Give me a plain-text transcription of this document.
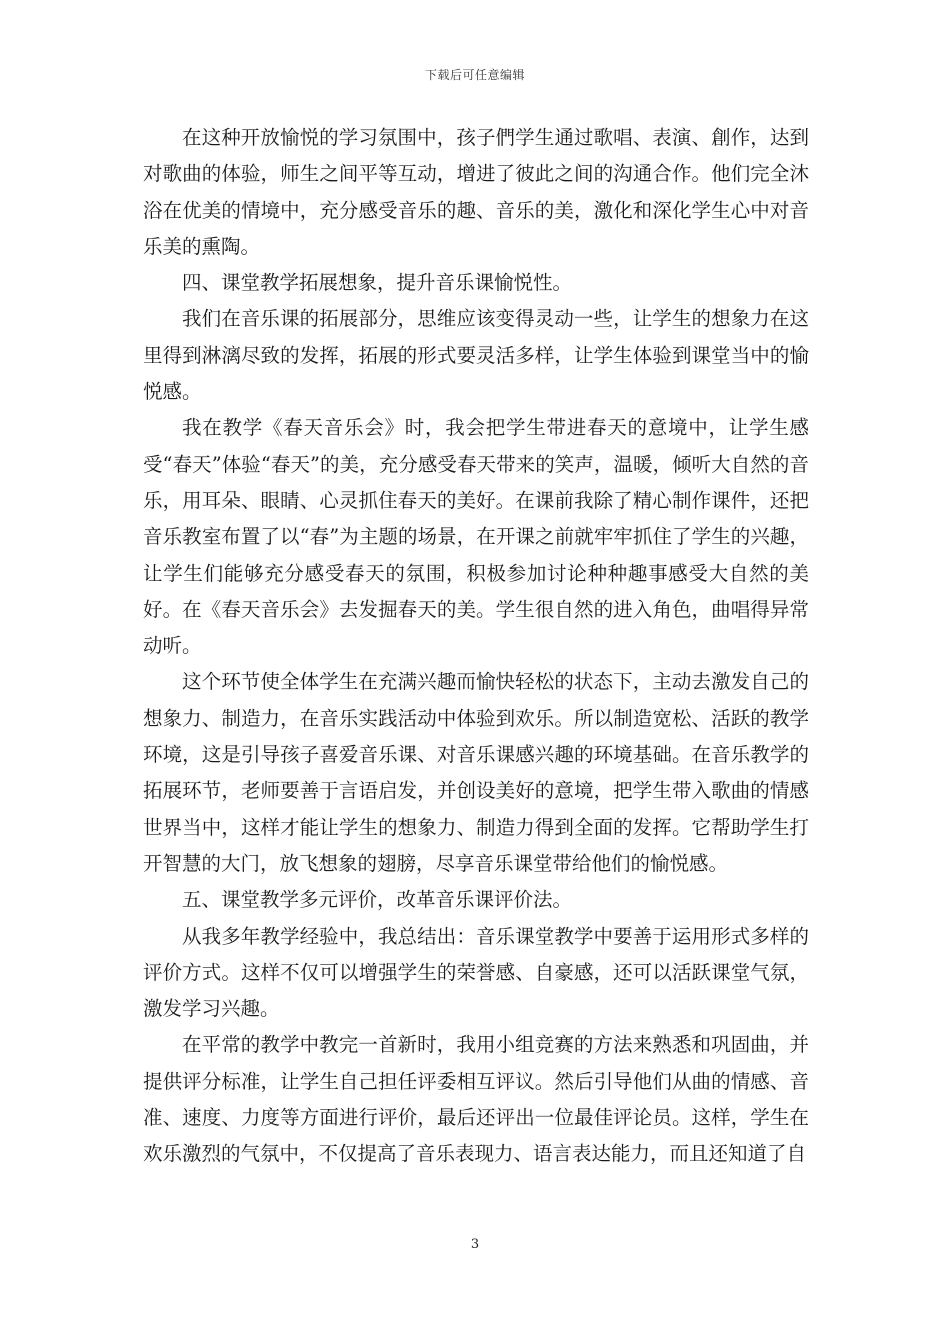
下载后可任意编辑

在这种开放愉悦的学习氛围中，孩子們学生通过歌唱、表演、創作，达到对歌曲的体验，师生之间平等互动，增进了彼此之间的沟通合作。他们完全沐浴在优美的情境中，充分感受音乐的趣、音乐的美，激化和深化学生心中对音乐美的熏陶。

四、课堂教学拓展想象，提升音乐课愉悦性。

我们在音乐课的拓展部分，思维应该变得灵动一些，让学生的想象力在这里得到淋漓尽致的发挥，拓展的形式要灵活多样，让学生体验到课堂当中的愉悦感。

我在教学《春天音乐会》时，我会把学生带进春天的意境中，让学生感受“春天”体验“春天”的美，充分感受春天带来的笑声，温暖，倾听大自然的音乐，用耳朵、眼睛、心灵抓住春天的美好。在课前我除了精心制作课件，还把音乐教室布置了以“春”为主题的场景，在开课之前就牢牢抓住了学生的兴趣，让学生们能够充分感受春天的氛围，积极参加讨论种种趣事感受大自然的美好。在《春天音乐会》去发掘春天的美。学生很自然的进入角色，曲唱得异常动听。

这个环节使全体学生在充满兴趣而愉快轻松的状态下，主动去激发自己的想象力、制造力，在音乐实践活动中体验到欢乐。所以制造宽松、活跃的教学环境，这是引导孩子喜爱音乐课、对音乐课感兴趣的环境基础。在音乐教学的拓展环节，老师要善于言语启发，并创设美好的意境，把学生带入歌曲的情感世界当中，这样才能让学生的想象力、制造力得到全面的发挥。它帮助学生打开智慧的大门，放飞想象的翅膀，尽享音乐课堂带给他们的愉悦感。

五、课堂教学多元评价，改革音乐课评价法。

从我多年教学经验中，我总结出：音乐课堂教学中要善于运用形式多样的评价方式。这样不仅可以增强学生的荣誉感、自豪感，还可以活跃课堂气氛，激发学习兴趣。

在平常的教学中教完一首新时，我用小组竞赛的方法来熟悉和巩固曲，并提供评分标准，让学生自己担任评委相互评议。然后引导他们从曲的情感、音准、速度、力度等方面进行评价，最后还评出一位最佳评论员。这样，学生在欢乐激烈的气氛中，不仅提高了音乐表现力、语言表达能力，而且还知道了自

3
